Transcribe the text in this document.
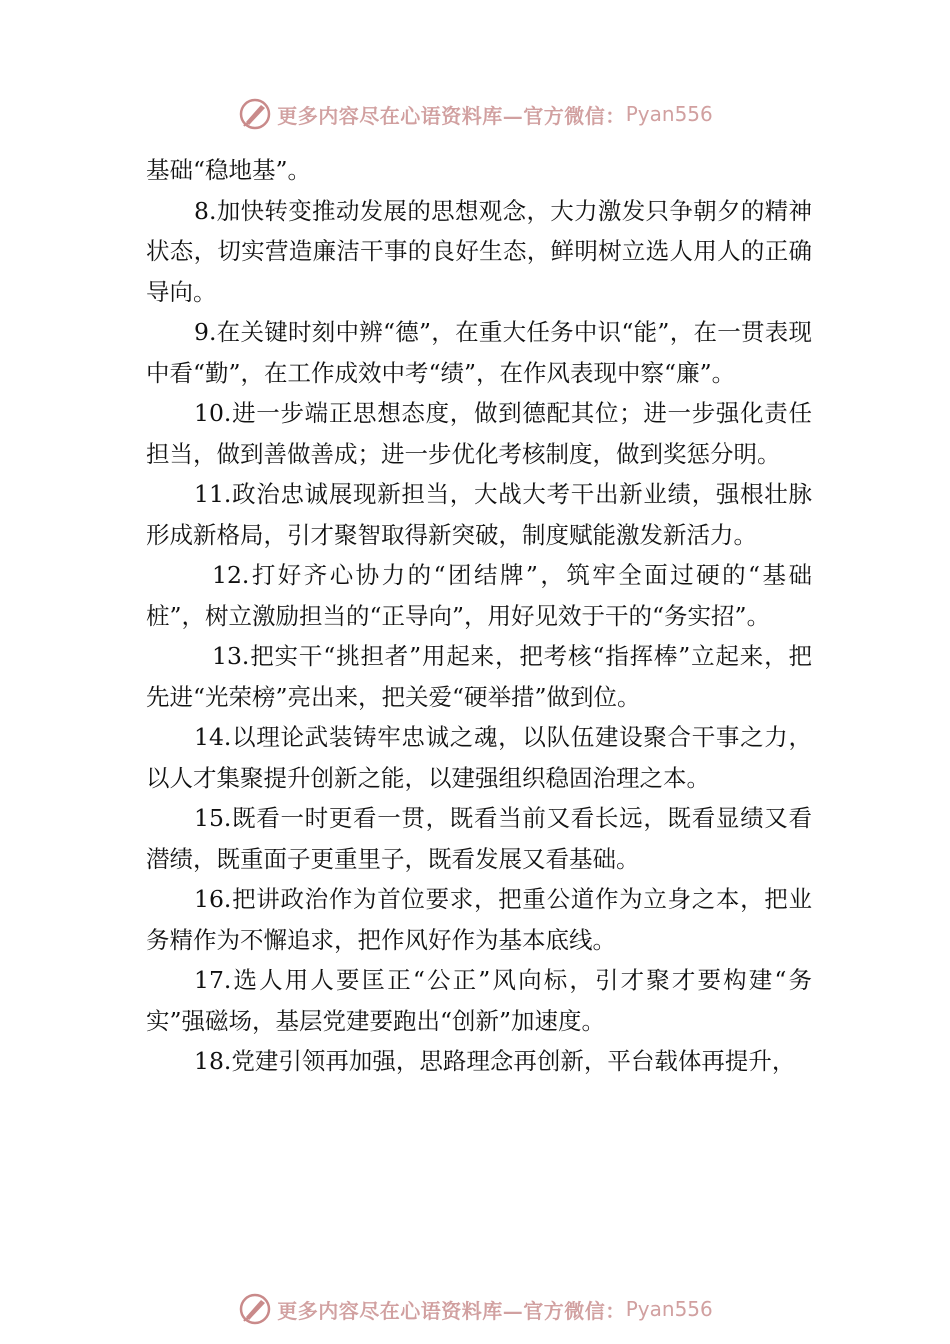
更多内容尽在心语资料库—官方微信： Pyan556

基础“稳地基”。

8.加快转变推动发展的思想观念，大力激发只争朝夕的精神状态，切实营造廉洁干事的良好生态，鲜明树立选人用人的正确导向。

9.在关键时刻中辨“德”，在重大任务中识“能”，在一贯表现中看“勤”，在工作成效中考“绩”，在作风表现中察“廉”。

10.进一步端正思想态度，做到德配其位；进一步强化责任担当，做到善做善成；进一步优化考核制度，做到奖惩分明。

11.政治忠诚展现新担当，大战大考干出新业绩，强根壮脉形成新格局，引才聚智取得新突破，制度赋能激发新活力。

12.打好齐心协力的“团结牌”，筑牢全面过硬的“基础桩”，树立激励担当的“正导向”，用好见效于干的“务实招”。

13.把实干“挑担者”用起来，把考核“指挥棒”立起来，把先进“光荣榜”亮出来，把关爱“硬举措”做到位。

14.以理论武装铸牢忠诚之魂，以队伍建设聚合干事之力，以人才集聚提升创新之能，以建强组织稳固治理之本。

15.既看一时更看一贯，既看当前又看长远，既看显绩又看潜绩，既重面子更重里子，既看发展又看基础。

16.把讲政治作为首位要求，把重公道作为立身之本，把业务精作为不懈追求，把作风好作为基本底线。

17.选人用人要匡正“公正”风向标，引才聚才要构建“务实”强磁场，基层党建要跑出“创新”加速度。

18.党建引领再加强，思路理念再创新，平台载体再提升，

更多内容尽在心语资料库—官方微信： Pyan556
